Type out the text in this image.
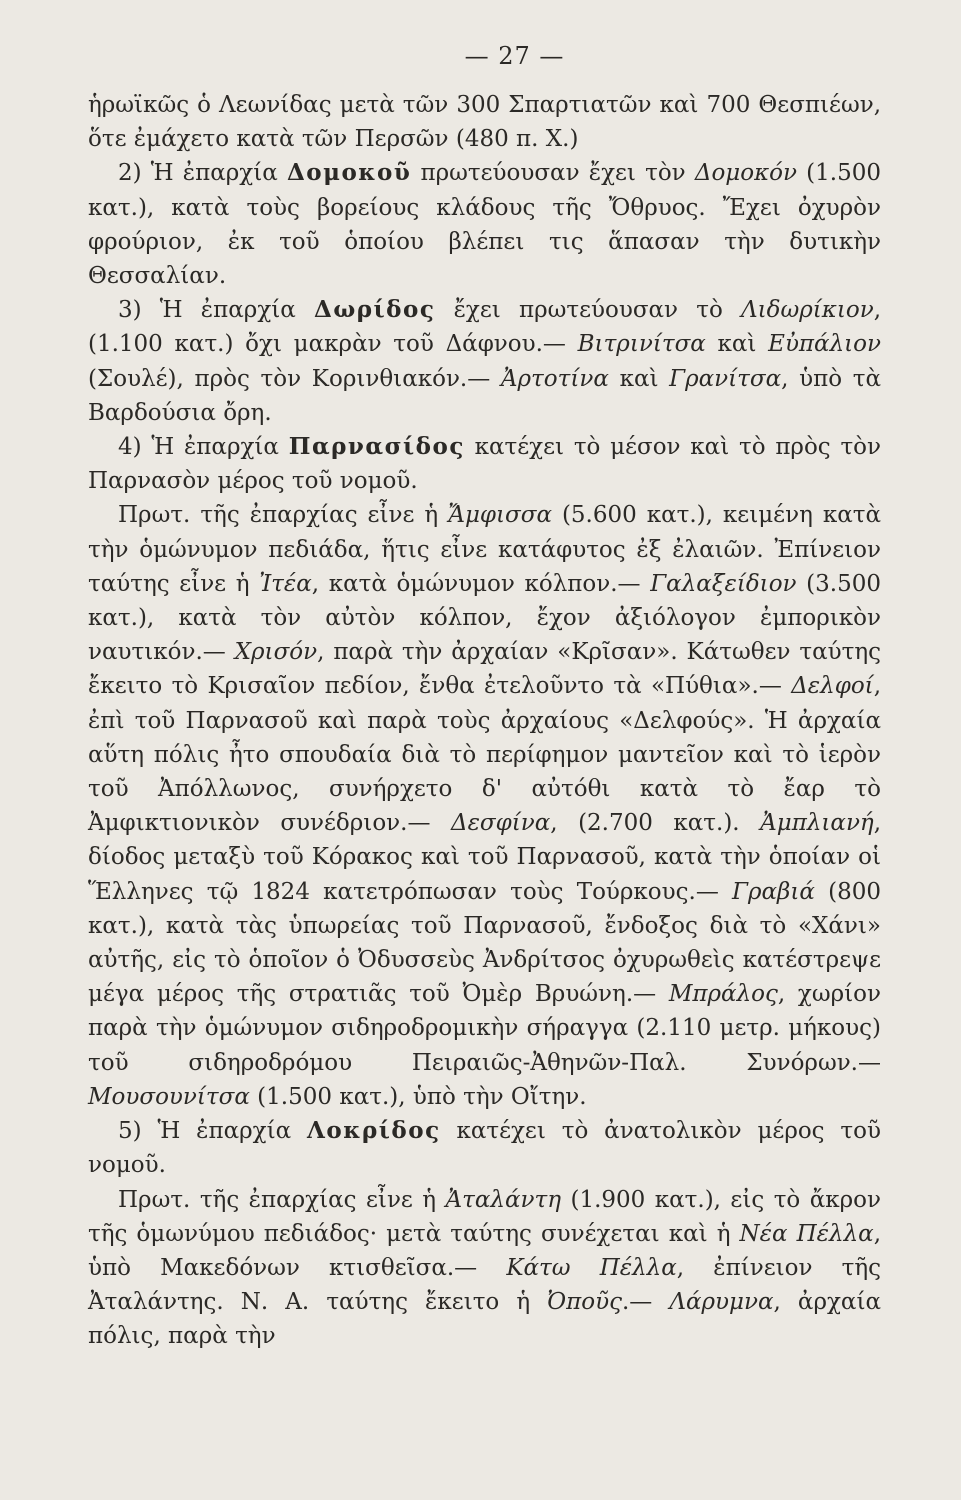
— 27 —

ἡρωϊκῶς ὁ Λεωνίδας μετὰ τῶν 300 Σπαρτιατῶν καὶ 700 Θεσπιέων, ὅτε ἐμάχετο κατὰ τῶν Περσῶν (480 π. Χ.)

2) Ἡ ἐπαρχία Δομοκοῦ πρωτεύουσαν ἔχει τὸν Δομοκόν (1.500 κατ.), κατὰ τοὺς βορείους κλάδους τῆς Ὄθρυος. Ἔχει ὀχυρὸν φρούριον, ἐκ τοῦ ὁποίου βλέπει τις ἅπασαν τὴν δυτικὴν Θεσσαλίαν.

3) Ἡ ἐπαρχία Δωρίδος ἔχει πρωτεύουσαν τὸ Λιδωρίκιον, (1.100 κατ.) ὄχι μακρὰν τοῦ Δάφνου.— Βιτρινίτσα καὶ Εὐπάλιον (Σουλέ), πρὸς τὸν Κορινθιακόν.— Ἀρτοτίνα καὶ Γρανίτσα, ὑπὸ τὰ Βαρδούσια ὄρη.

4) Ἡ ἐπαρχία Παρνασίδος κατέχει τὸ μέσον καὶ τὸ πρὸς τὸν Παρνασὸν μέρος τοῦ νομοῦ.

Πρωτ. τῆς ἐπαρχίας εἶνε ἡ Ἄμφισσα (5.600 κατ.), κειμένη κατὰ τὴν ὁμώνυμον πεδιάδα, ἥτις εἶνε κατάφυτος ἐξ ἐλαιῶν. Ἐπίνειον ταύτης εἶνε ἡ Ἰτέα, κατὰ ὁμώνυμον κόλπον.— Γαλαξείδιον (3.500 κατ.), κατὰ τὸν αὐτὸν κόλπον, ἔχον ἀξιόλογον ἐμπορικὸν ναυτικόν.— Χρισόν, παρὰ τὴν ἀρχαίαν «Κρῖσαν». Κάτωθεν ταύτης ἔκειτο τὸ Κρισαῖον πεδίον, ἔνθα ἐτελοῦντο τὰ «Πύθια».— Δελφοί, ἐπὶ τοῦ Παρνασοῦ καὶ παρὰ τοὺς ἀρχαίους «Δελφούς». Ἡ ἀρχαία αὕτη πόλις ἦτο σπουδαία διὰ τὸ περίφημον μαντεῖον καὶ τὸ ἱερὸν τοῦ Ἀπόλλωνος, συνήρχετο δ' αὐτόθι κατὰ τὸ ἔαρ τὸ Ἀμφικτιονικὸν συνέδριον.— Δεσφίνα, (2.700 κατ.). Ἀμπλιανή, δίοδος μεταξὺ τοῦ Κόρακος καὶ τοῦ Παρνασοῦ, κατὰ τὴν ὁποίαν οἱ Ἕλληνες τῷ 1824 κατετρόπωσαν τοὺς Τούρκους.— Γραβιά (800 κατ.), κατὰ τὰς ὑπωρείας τοῦ Παρνασοῦ, ἔνδοξος διὰ τὸ «Χάνι» αὐτῆς, εἰς τὸ ὁποῖον ὁ Ὀδυσσεὺς Ἀνδρίτσος ὀχυρωθεὶς κατέστρεψε μέγα μέρος τῆς στρατιᾶς τοῦ Ὀμὲρ Βρυώνη.— Μπράλος, χωρίον παρὰ τὴν ὁμώνυμον σιδηροδρομικὴν σήραγγα (2.110 μετρ. μήκους) τοῦ σιδηροδρόμου Πειραιῶς-Ἀθηνῶν-Παλ. Συνόρων.— Μουσουνίτσα (1.500 κατ.), ὑπὸ τὴν Οἴτην.

5) Ἡ ἐπαρχία Λοκρίδος κατέχει τὸ ἀνατολικὸν μέρος τοῦ νομοῦ.

Πρωτ. τῆς ἐπαρχίας εἶνε ἡ Ἀταλάντη (1.900 κατ.), εἰς τὸ ἄκρον τῆς ὁμωνύμου πεδιάδος· μετὰ ταύτης συνέχεται καὶ ἡ Νέα Πέλλα, ὑπὸ Μακεδόνων κτισθεῖσα.— Κάτω Πέλλα, ἐπίνειον τῆς Ἀταλάντης. Ν. Α. ταύτης ἔκειτο ἡ Ὀποῦς.— Λάρυμνα, ἀρχαία πόλις, παρὰ τὴν
